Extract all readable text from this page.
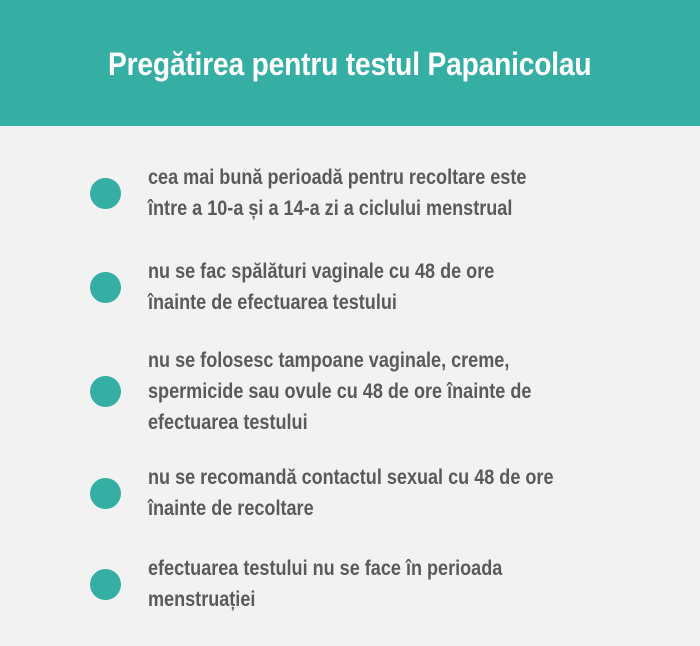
Pregătirea pentru testul Papanicolau
cea mai bună perioadă pentru recoltare este
între a 10-a și a 14-a zi a ciclului menstrual
nu se fac spălături vaginale cu 48 de ore
înainte de efectuarea testului
nu se folosesc tampoane vaginale, creme,
spermicide sau ovule cu 48 de ore înainte de
efectuarea testului
nu se recomandă contactul sexual cu 48 de ore
înainte de recoltare
efectuarea testului nu se face în perioada
menstruației
